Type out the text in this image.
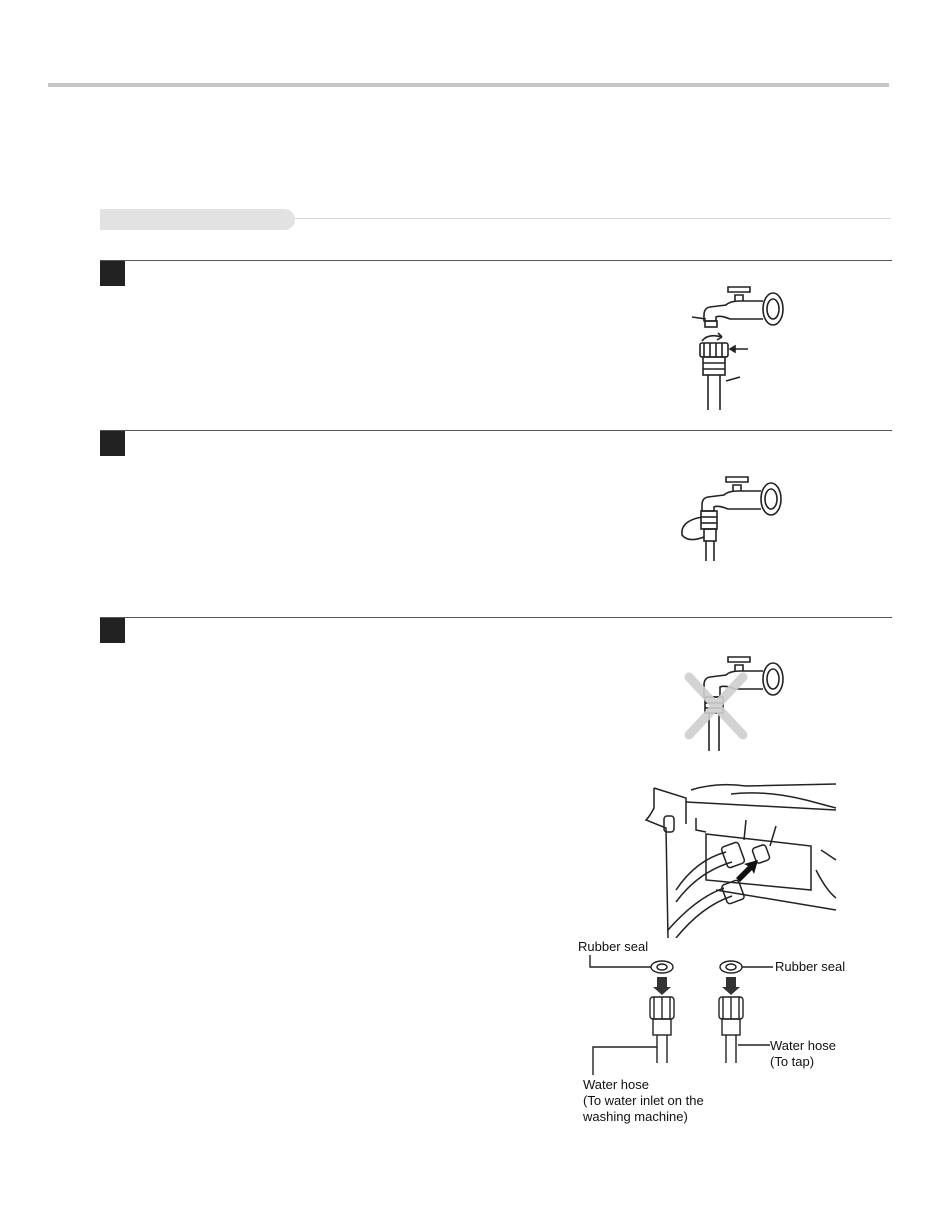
Rubber seal
Rubber seal
Water hose
(To tap)
Water hose
(To water inlet on the
washing machine)
